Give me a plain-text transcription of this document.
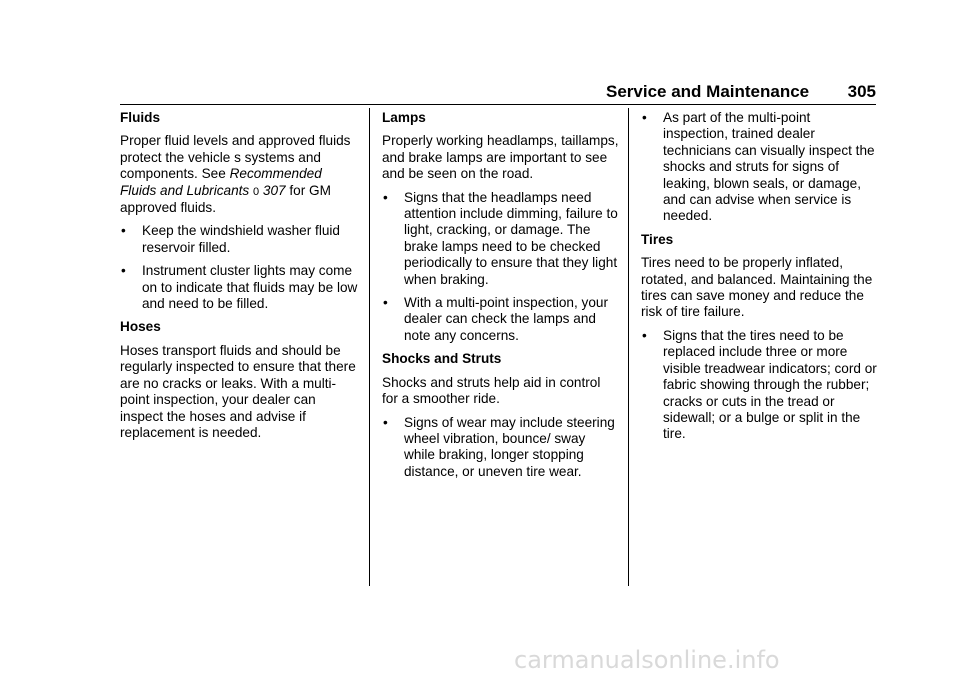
Service and Maintenance 305
Fluids
Proper fluid levels and approved fluids protect the vehicle s systems and components. See Recommended Fluids and Lubricants 0 307 for GM approved fluids.
• Keep the windshield washer fluid reservoir filled.
• Instrument cluster lights may come on to indicate that fluids may be low and need to be filled.
Hoses
Hoses transport fluids and should be regularly inspected to ensure that there are no cracks or leaks. With a multi-point inspection, your dealer can inspect the hoses and advise if replacement is needed.
Lamps
Properly working headlamps, taillamps, and brake lamps are important to see and be seen on the road.
• Signs that the headlamps need attention include dimming, failure to light, cracking, or damage. The brake lamps need to be checked periodically to ensure that they light when braking.
• With a multi-point inspection, your dealer can check the lamps and note any concerns.
Shocks and Struts
Shocks and struts help aid in control for a smoother ride.
• Signs of wear may include steering wheel vibration, bounce/ sway while braking, longer stopping distance, or uneven tire wear.
• As part of the multi-point inspection, trained dealer technicians can visually inspect the shocks and struts for signs of leaking, blown seals, or damage, and can advise when service is needed.
Tires
Tires need to be properly inflated, rotated, and balanced. Maintaining the tires can save money and reduce the risk of tire failure.
• Signs that the tires need to be replaced include three or more visible treadwear indicators; cord or fabric showing through the rubber; cracks or cuts in the tread or sidewall; or a bulge or split in the tire.
carmanualsonline.info
